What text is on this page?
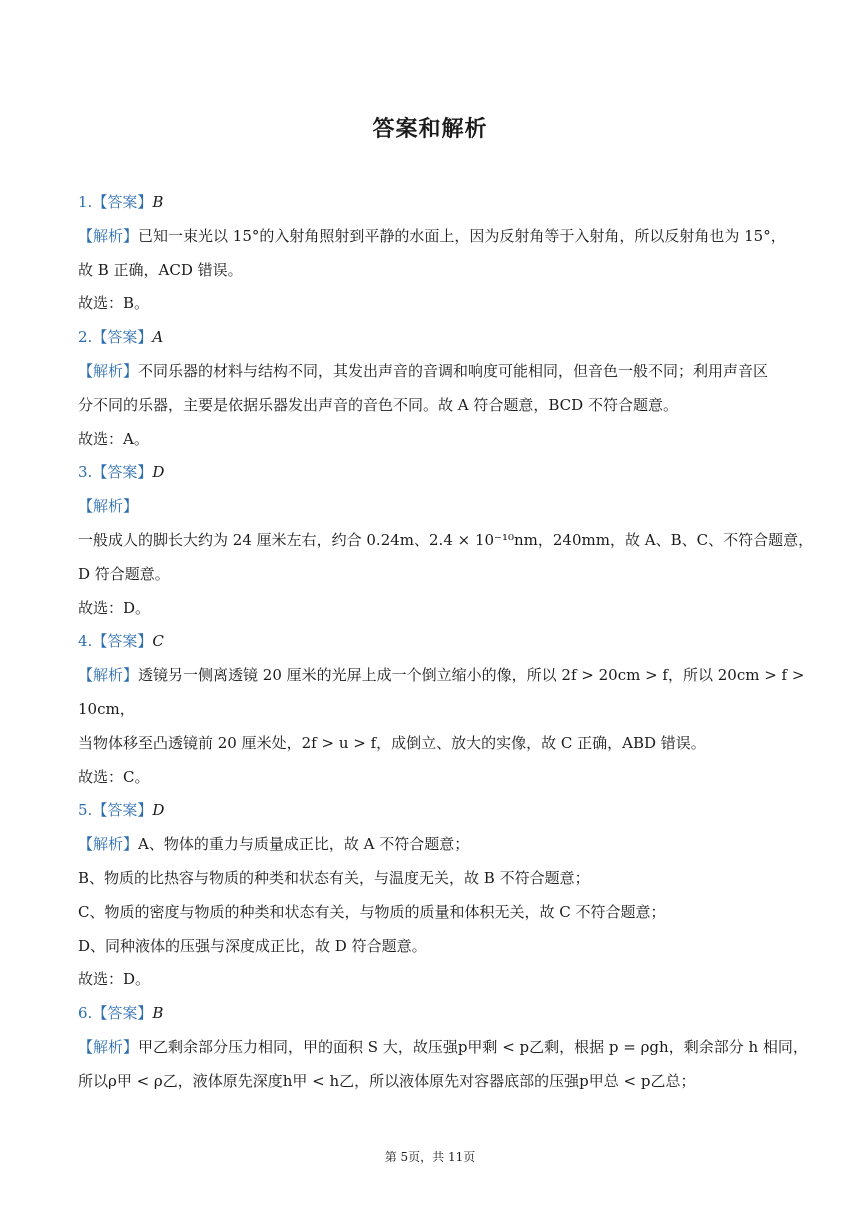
答案和解析
1.【答案】B
【解析】已知一束光以 15°的入射角照射到平静的水面上，因为反射角等于入射角，所以反射角也为 15°，
故 B 正确，ACD 错误。
故选：B。
2.【答案】A
【解析】不同乐器的材料与结构不同，其发出声音的音调和响度可能相同，但音色一般不同；利用声音区
分不同的乐器，主要是依据乐器发出声音的音色不同。故 A 符合题意，BCD 不符合题意。
故选：A。
3.【答案】D
【解析】
一般成人的脚长大约为 24 厘米左右，约合 0.24m、2.4 × 10⁻¹⁰nm，240mm，故 A、B、C、不符合题意，
D 符合题意。
故选：D。
4.【答案】C
【解析】透镜另一侧离透镜 20 厘米的光屏上成一个倒立缩小的像，所以 2f > 20cm > f，所以 20cm > f >
10cm，
当物体移至凸透镜前 20 厘米处，2f > u > f，成倒立、放大的实像，故 C 正确，ABD 错误。
故选：C。
5.【答案】D
【解析】A、物体的重力与质量成正比，故 A 不符合题意；
B、物质的比热容与物质的种类和状态有关，与温度无关，故 B 不符合题意；
C、物质的密度与物质的种类和状态有关，与物质的质量和体积无关，故 C 不符合题意；
D、同种液体的压强与深度成正比，故 D 符合题意。
故选：D。
6.【答案】B
【解析】甲乙剩余部分压力相同，甲的面积 S 大，故压强p甲剩 < p乙剩，根据 p = ρgh，剩余部分 h 相同，
所以ρ甲 < ρ乙，液体原先深度h甲 < h乙，所以液体原先对容器底部的压强p甲总 < p乙总；
第 5页，共 11页
